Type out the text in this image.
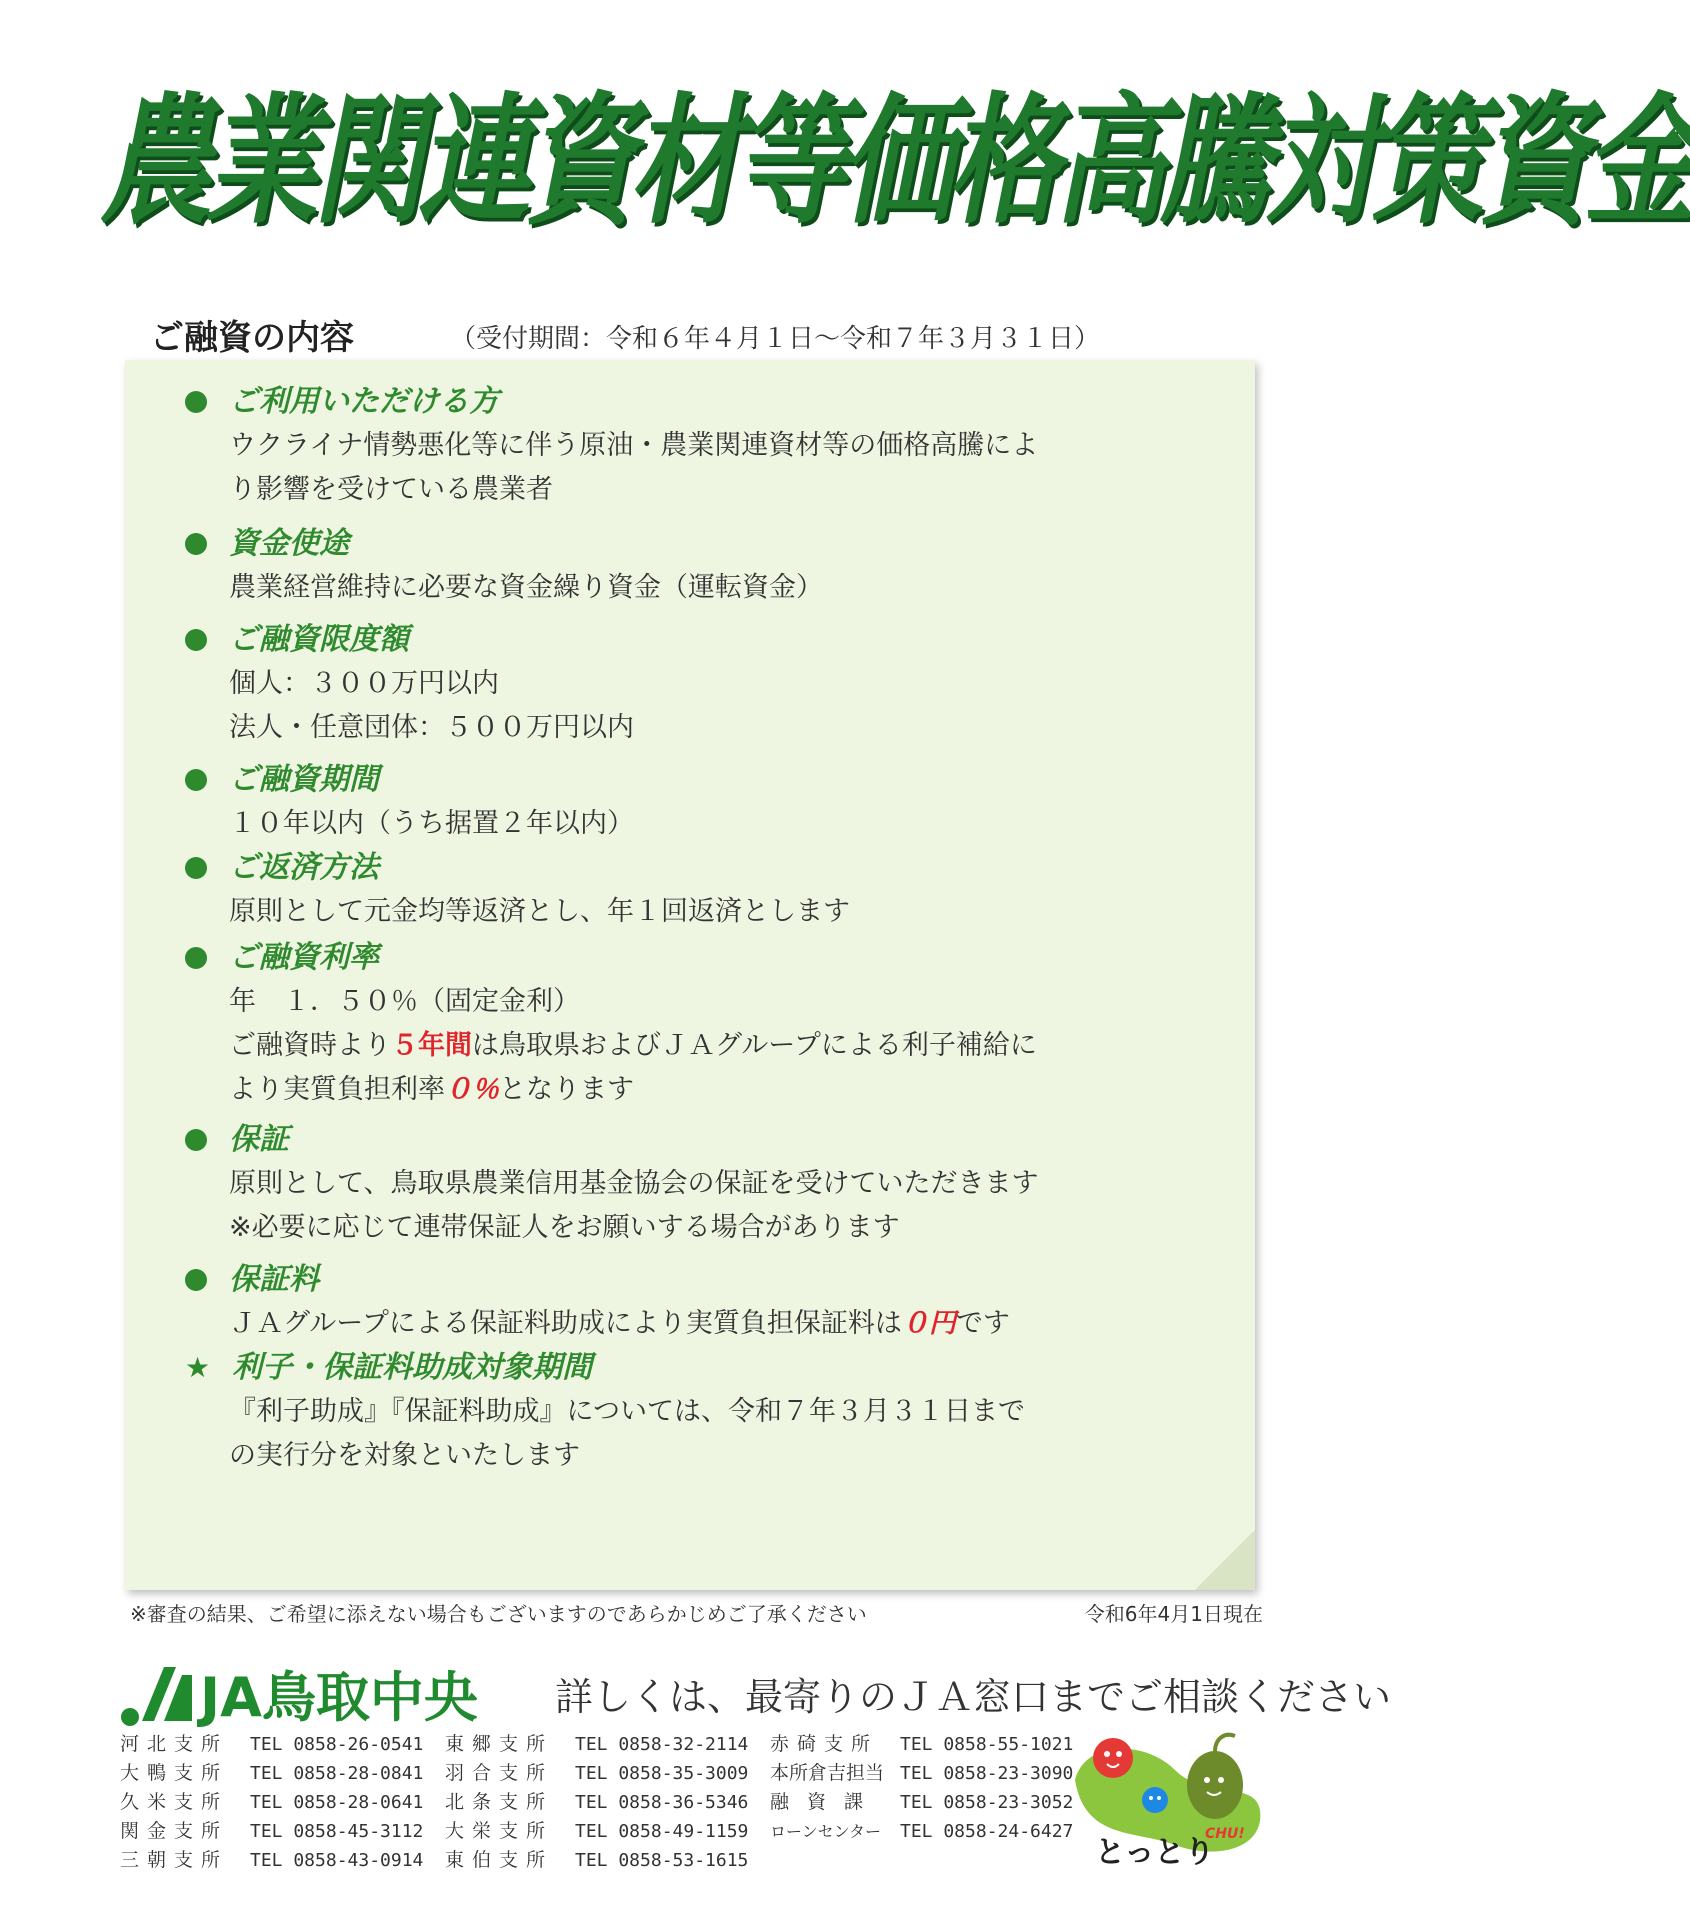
農業関連資材等価格高騰対策資金
ご融資の内容	（受付期間：令和６年４月１日～令和７年３月３１日）
ご利用いただける方
ウクライナ情勢悪化等に伴う原油・農業関連資材等の価格高騰によ
り影響を受けている農業者
資金使途
農業経営維持に必要な資金繰り資金（運転資金）
ご融資限度額
個人：３００万円以内
法人・任意団体：５００万円以内
ご融資期間
１０年以内（うち据置２年以内）
ご返済方法
原則として元金均等返済とし、年１回返済とします
ご融資利率
年　１．５０％（固定金利）
ご融資時より５年間は鳥取県およびＪＡグループによる利子補給に
より実質負担利率０％となります
保証
原則として、鳥取県農業信用基金協会の保証を受けていただきます
※必要に応じて連帯保証人をお願いする場合があります
保証料
ＪＡグループによる保証料助成により実質負担保証料は０円です
★ 利子・保証料助成対象期間
『利子助成』『保証料助成』については、令和７年３月３１日まで
の実行分を対象といたします
※審査の結果、ご希望に添えない場合もございますのであらかじめご了承ください	令和6年4月1日現在
JA鳥取中央 詳しくは、最寄りのＪＡ窓口までご相談ください
河北支所	TEL 0858-26-0541	東郷支所	TEL 0858-32-2114	赤碕支所	TEL 0858-55-1021
大鴨支所	TEL 0858-28-0841	羽合支所	TEL 0858-35-3009	本所倉吉担当 TEL 0858-23-3090
久米支所	TEL 0858-28-0641	北条支所	TEL 0858-36-5346	融資課	TEL 0858-23-3052
関金支所	TEL 0858-45-3112	大栄支所	TEL 0858-49-1159	ローンセンター	TEL 0858-24-6427
三朝支所	TEL 0858-43-0914	東伯支所	TEL 0858-53-1615	とっとり
CHU!
